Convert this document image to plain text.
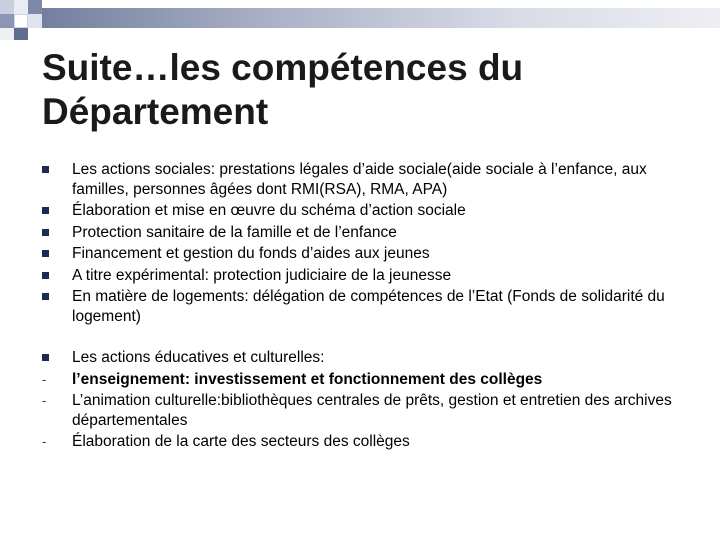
Suite…les compétences du Département
Les actions sociales: prestations légales d’aide sociale(aide sociale à l’enfance, aux familles, personnes âgées dont RMI(RSA), RMA, APA)
Élaboration et mise en œuvre du schéma d’action sociale
Protection sanitaire de la famille et de l’enfance
Financement et gestion du fonds d’aides aux jeunes
A titre expérimental: protection judiciaire de la jeunesse
En matière de logements: délégation de compétences de l’Etat (Fonds de solidarité du logement)
Les actions éducatives et culturelles:
- l’enseignement: investissement et fonctionnement des collèges
- L’animation culturelle:bibliothèques centrales de prêts, gestion et entretien des archives départementales
- Élaboration de la carte des secteurs des collèges
